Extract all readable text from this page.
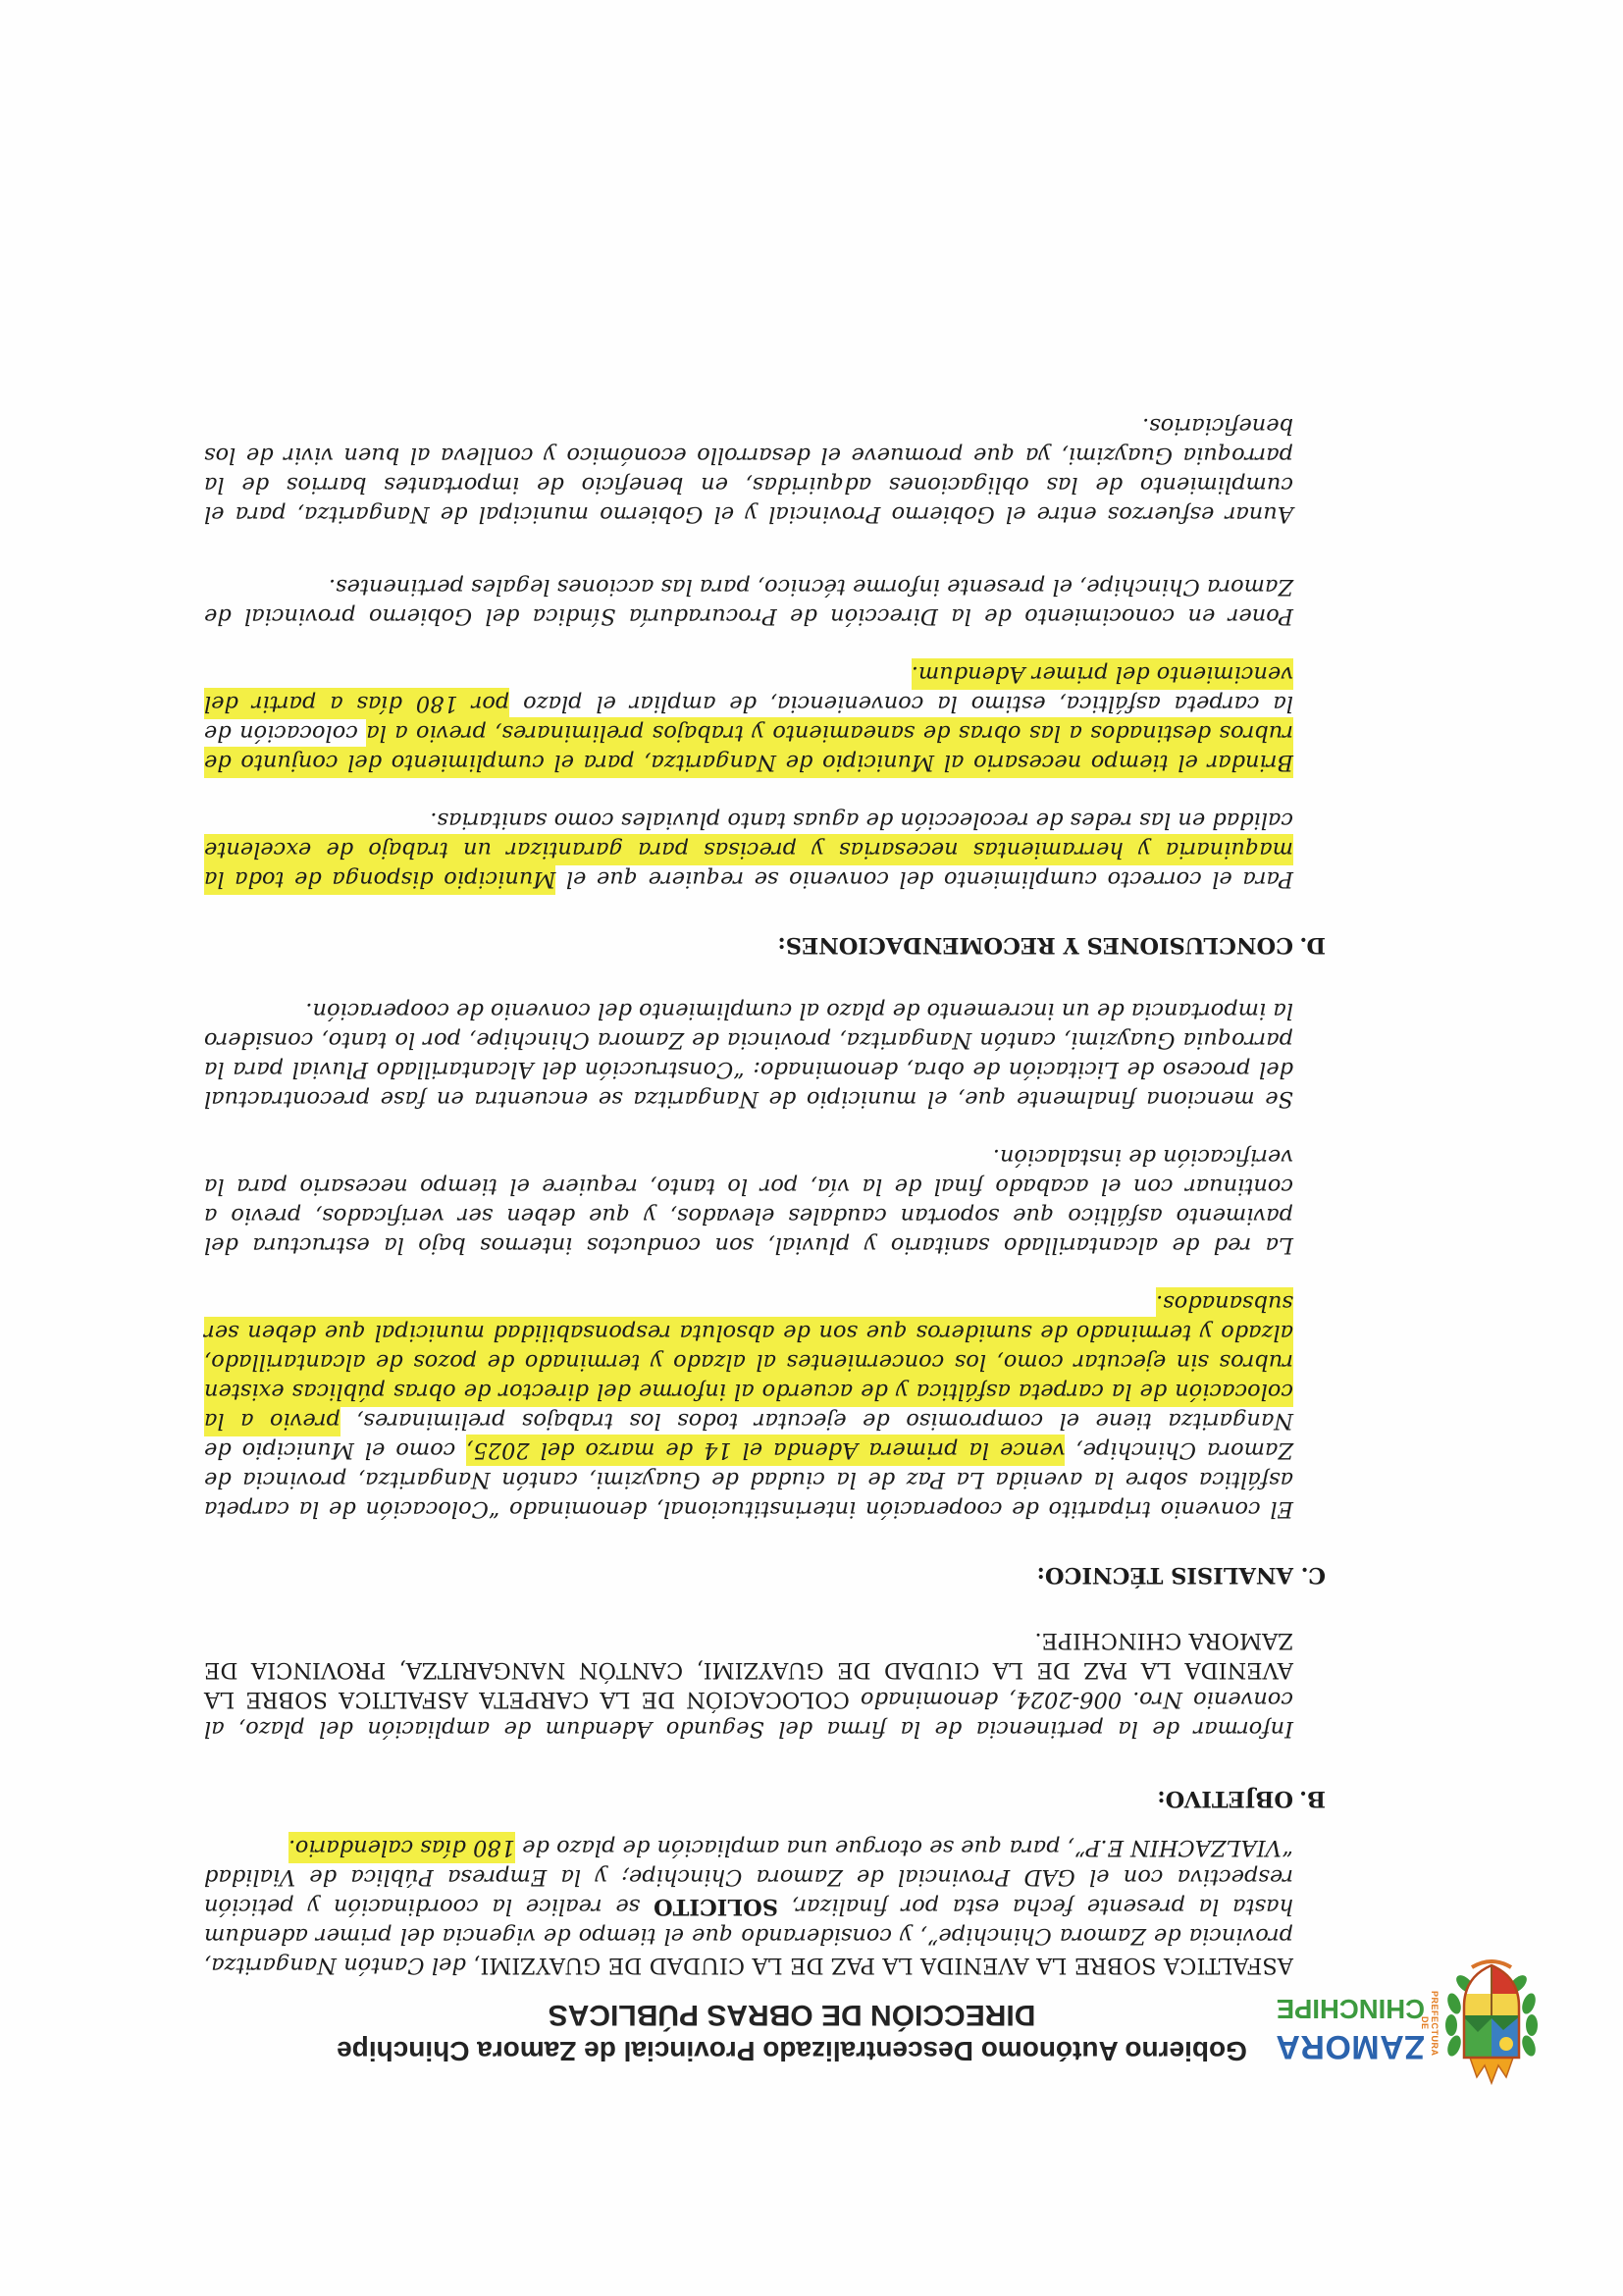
PREFECTURA DE
ZAMORA
CHINCHIPE
Gobierno Autónomo Descentralizado Provincial de Zamora Chinchipe
DIRECCIÓN DE OBRAS PÚBLICAS

ASFALTICA SOBRE LA AVENIDA LA PAZ DE LA CIUDAD DE GUAYZIMI, del Cantón Nangaritza, provincia de Zamora Chinchipe”, y considerando que el tiempo de vigencia del primer adendum hasta la presente fecha esta por finalizar, SOLICITO se realice la coordinación y petición respectiva con el GAD Provincial de Zamora Chinchipe; y la Empresa Pública de Vialidad “VIALZACHIN E.P”, para que se otorgue una ampliación de plazo de 180 días calendario.

B.
OBJETIVO:

Informar de la pertinencia de la firma del Segundo Adendum de ampliación del plazo, al convenio Nro. 006-2024, denominado COLOCACIÓN DE LA CARPETA ASFALTICA SOBRE LA AVENIDA LA PAZ DE LA CIUDAD DE GUAYZIMI, CANTÓN NANGARITZA, PROVINCIA DE ZAMORA CHINCHIPE.

C.
ANALISIS TÉCNICO:

El convenio tripartito de cooperación interinstitucional, denominado “Colocación de la carpeta asfáltica sobre la avenida La Paz de la ciudad de Guayzimi, cantón Nangaritza, provincia de Zamora Chinchipe, vence la primera Adenda el 14 de marzo del 2025, como el Municipio de Nangaritza tiene el compromiso de ejecutar todos los trabajos preliminares, previo a la colocación de la carpeta asfáltica y de acuerdo al informe del director de obras públicas existen rubros sin ejecutar como, los concernientes al alzado y terminado de pozos de alcantarillado, alzado y terminado de sumideros que son de absoluta responsabilidad municipal que deben ser subsanados.

La red de alcantarillado sanitario y pluvial, son conductos internos bajo la estructura del pavimento asfáltico que soportan caudales elevados, y que deben ser verificados, previo a continuar con el acabado final de la vía, por lo tanto, requiere el tiempo necesario para la verificación de instalación.

Se menciona finalmente que, el municipio de Nangaritza se encuentra en fase precontractual del proceso de Licitación de obra, denominado: “Construcción del Alcantarillado Pluvial para la parroquia Guayzimi, cantón Nangaritza, provincia de Zamora Chinchipe, por lo tanto, considero la importancia de un incremento de plazo al cumplimiento del convenio de cooperación.

D.
CONCLUSIONES Y RECOMENDACIONES:

Para el correcto cumplimiento del convenio se requiere que el Municipio disponga de toda la maquinaria y herramientas necesarias y precisas para garantizar un trabajo de excelente calidad en las redes de recolección de aguas tanto pluviales como sanitarias.

Brindar el tiempo necesario al Municipio de Nangaritza, para el cumplimiento del conjunto de rubros destinados a las obras de saneamiento y trabajos preliminares, previo a la colocación de la carpeta asfáltica, estimo la conveniencia, de ampliar el plazo por 180 días a partir del vencimiento del primer Adendum.

Poner en conocimiento de la Dirección de Procuraduría Síndica del Gobierno provincial de Zamora Chinchipe, el presente informe técnico, para las acciones legales pertinentes.

Aunar esfuerzos entre el Gobierno Provincial y el Gobierno municipal de Nangaritza, para el cumplimiento de las obligaciones adquiridas, en beneficio de importantes barrios de la parroquia Guayzimi, ya que promueve el desarrollo económico y conlleva al buen vivir de los beneficiarios.
